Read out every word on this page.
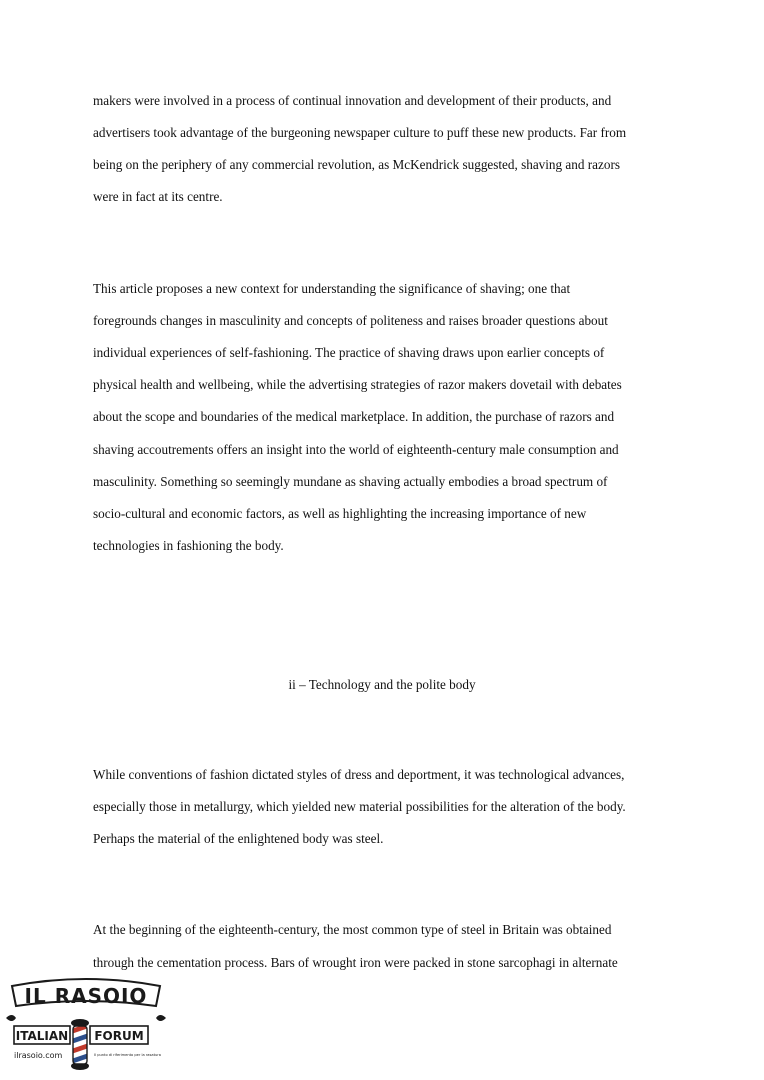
makers were involved in a process of continual innovation and development of their products, and
advertisers took advantage of the burgeoning newspaper culture to puff these new products. Far from
being on the periphery of any commercial revolution, as McKendrick suggested, shaving and razors
were in fact at its centre.
This article proposes a new context for understanding the significance of shaving; one that
foregrounds changes in masculinity and concepts of politeness and raises broader questions about
individual experiences of self-fashioning. The practice of shaving draws upon earlier concepts of
physical health and wellbeing, while the advertising strategies of razor makers dovetail with debates
about the scope and boundaries of the medical marketplace. In addition, the purchase of razors and
shaving accoutrements offers an insight into the world of eighteenth-century male consumption and
masculinity. Something so seemingly mundane as shaving actually embodies a broad spectrum of
socio-cultural and economic factors, as well as highlighting the increasing importance of new
technologies in fashioning the body.
ii – Technology and the polite body
While conventions of fashion dictated styles of dress and deportment, it was technological advances,
especially those in metallurgy, which yielded new material possibilities for the alteration of the body.
Perhaps the material of the enlightened body was steel.
At the beginning of the eighteenth-century, the most common type of steel in Britain was obtained
through the cementation process. Bars of wrought iron were packed in stone sarcophagi in alternate
IL RASOIO
ITALIAN FORUM
ilrasoio.com	Il punto di riferimento per la rasatura
